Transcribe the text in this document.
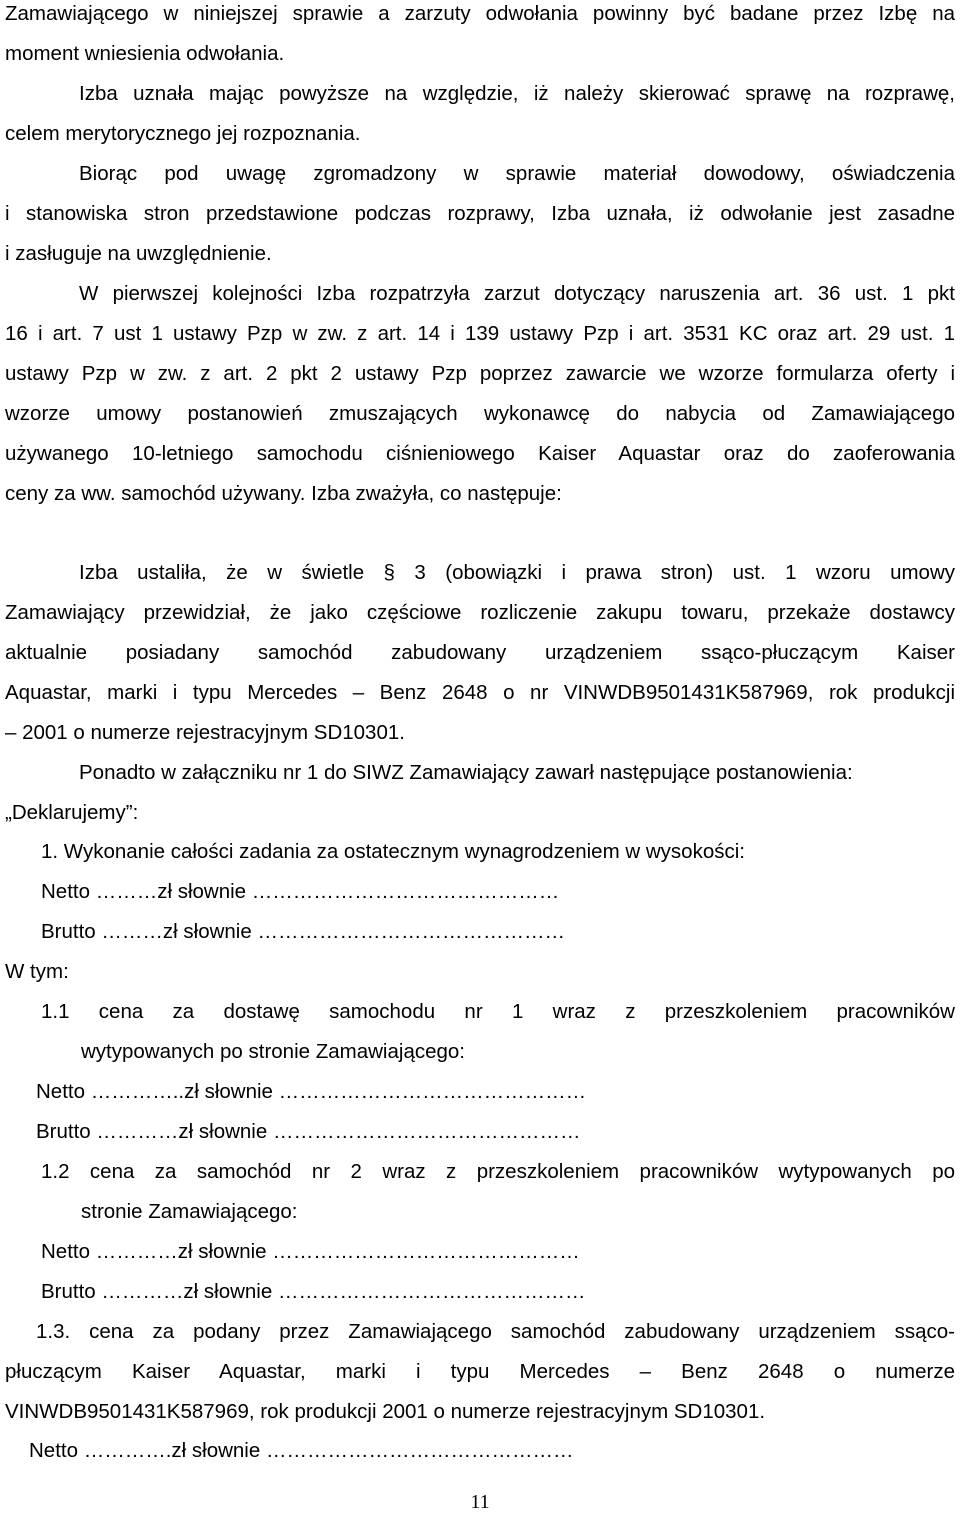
Zamawiającego w niniejszej sprawie a zarzuty odwołania powinny być badane przez Izbę na
moment wniesienia odwołania.
Izba uznała mając powyższe na względzie, iż należy skierować sprawę na rozprawę,
celem merytorycznego jej rozpoznania.
Biorąc pod uwagę zgromadzony w sprawie materiał dowodowy, oświadczenia
i stanowiska stron przedstawione podczas rozprawy, Izba uznała, iż odwołanie jest zasadne
i zasługuje na uwzględnienie.
W pierwszej kolejności Izba rozpatrzyła zarzut dotyczący naruszenia art. 36 ust. 1 pkt
16 i art. 7 ust 1 ustawy Pzp w zw. z art. 14 i 139 ustawy Pzp i art. 3531 KC oraz art. 29 ust. 1
ustawy Pzp w zw. z art. 2 pkt 2 ustawy Pzp poprzez zawarcie we wzorze formularza oferty i
wzorze umowy postanowień zmuszających wykonawcę do nabycia od Zamawiającego
używanego 10-letniego samochodu ciśnieniowego Kaiser Aquastar oraz do zaoferowania
ceny za ww. samochód używany. Izba zważyła, co następuje:
Izba ustaliła, że w świetle § 3 (obowiązki i prawa stron) ust. 1 wzoru umowy
Zamawiający przewidział, że jako częściowe rozliczenie zakupu towaru, przekaże dostawcy
aktualnie posiadany samochód zabudowany urządzeniem ssąco-płuczącym Kaiser
Aquastar, marki i typu Mercedes – Benz 2648 o nr VINWDB9501431K587969, rok produkcji
– 2001 o numerze rejestracyjnym SD10301.
Ponadto w załączniku nr 1 do SIWZ Zamawiający zawarł następujące postanowienia:
„Deklarujemy”:
1. Wykonanie całości zadania za ostatecznym wynagrodzeniem w wysokości:
Netto ………zł słownie ………………………………………
Brutto ………zł słownie ………………………………………
W tym:
1.1 cena za dostawę samochodu nr 1 wraz z przeszkoleniem pracowników
wytypowanych po stronie Zamawiającego:
Netto …………..zł słownie ………………………………………
Brutto …………zł słownie ………………………………………
1.2 cena za samochód nr 2 wraz z przeszkoleniem pracowników wytypowanych po
stronie Zamawiającego:
Netto …………zł słownie ………………………………………
Brutto …………zł słownie ………………………………………
1.3. cena za podany przez Zamawiającego samochód zabudowany urządzeniem ssąco-
płuczącym Kaiser Aquastar, marki i typu Mercedes – Benz 2648 o numerze
VINWDB9501431K587969, rok produkcji 2001 o numerze rejestracyjnym SD10301.
Netto ………….zł słownie ………………………………………
11
